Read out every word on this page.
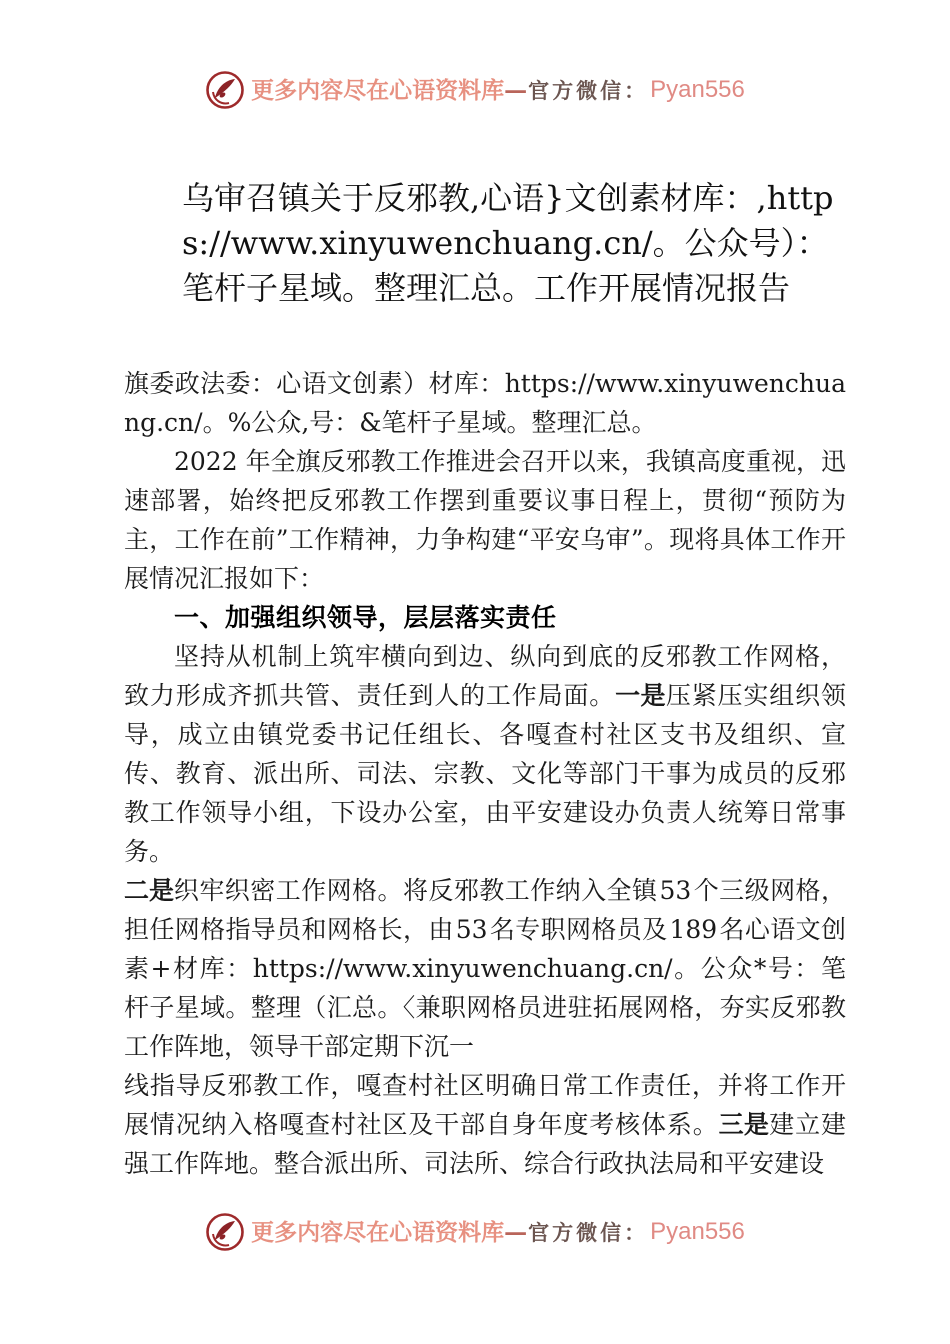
更多内容尽在心语资料库 — 官方微信： Pyan556
乌审召镇关于反邪教,心语}文创素材库：,https://www.xinyuwenchuang.cn/。公众号）：笔杆子星域。整理汇总。工作开展情况报告

旗委政法委：心语文创素）材库：https://www.xinyuwenchuang.cn/。%公众,号：&笔杆子星域。整理汇总。

2022 年全旗反邪教工作推进会召开以来，我镇高度重视，迅速部署，始终把反邪教工作摆到重要议事日程上，贯彻“预防为主，工作在前”工作精神，力争构建“平安乌审”。现将具体工作开展情况汇报如下：

一、加强组织领导，层层落实责任

坚持从机制上筑牢横向到边、纵向到底的反邪教工作网格，致力形成齐抓共管、责任到人的工作局面。一是压紧压实组织领导，成立由镇党委书记任组长、各嘎查村社区支书及组织、宣传、教育、派出所、司法、宗教、文化等部门干事为成员的反邪教工作领导小组，下设办公室，由平安建设办负责人统筹日常事务。

二是织牢织密工作网格。将反邪教工作纳入全镇53个三级网格，担任网格指导员和网格长，由53名专职网格员及189名心语文创素+材库：https://www.xinyuwenchuang.cn/。公众*号：笔杆子星域。整理（汇总。〈兼职网格员进驻拓展网格，夯实反邪教工作阵地，领导干部定期下沉一

线指导反邪教工作，嘎查村社区明确日常工作责任，并将工作开展情况纳入格嘎查村社区及干部自身年度考核体系。三是建立建强工作阵地。整合派出所、司法所、综合行政执法局和平安建设

更多内容尽在心语资料库 — 官方微信： Pyan556
